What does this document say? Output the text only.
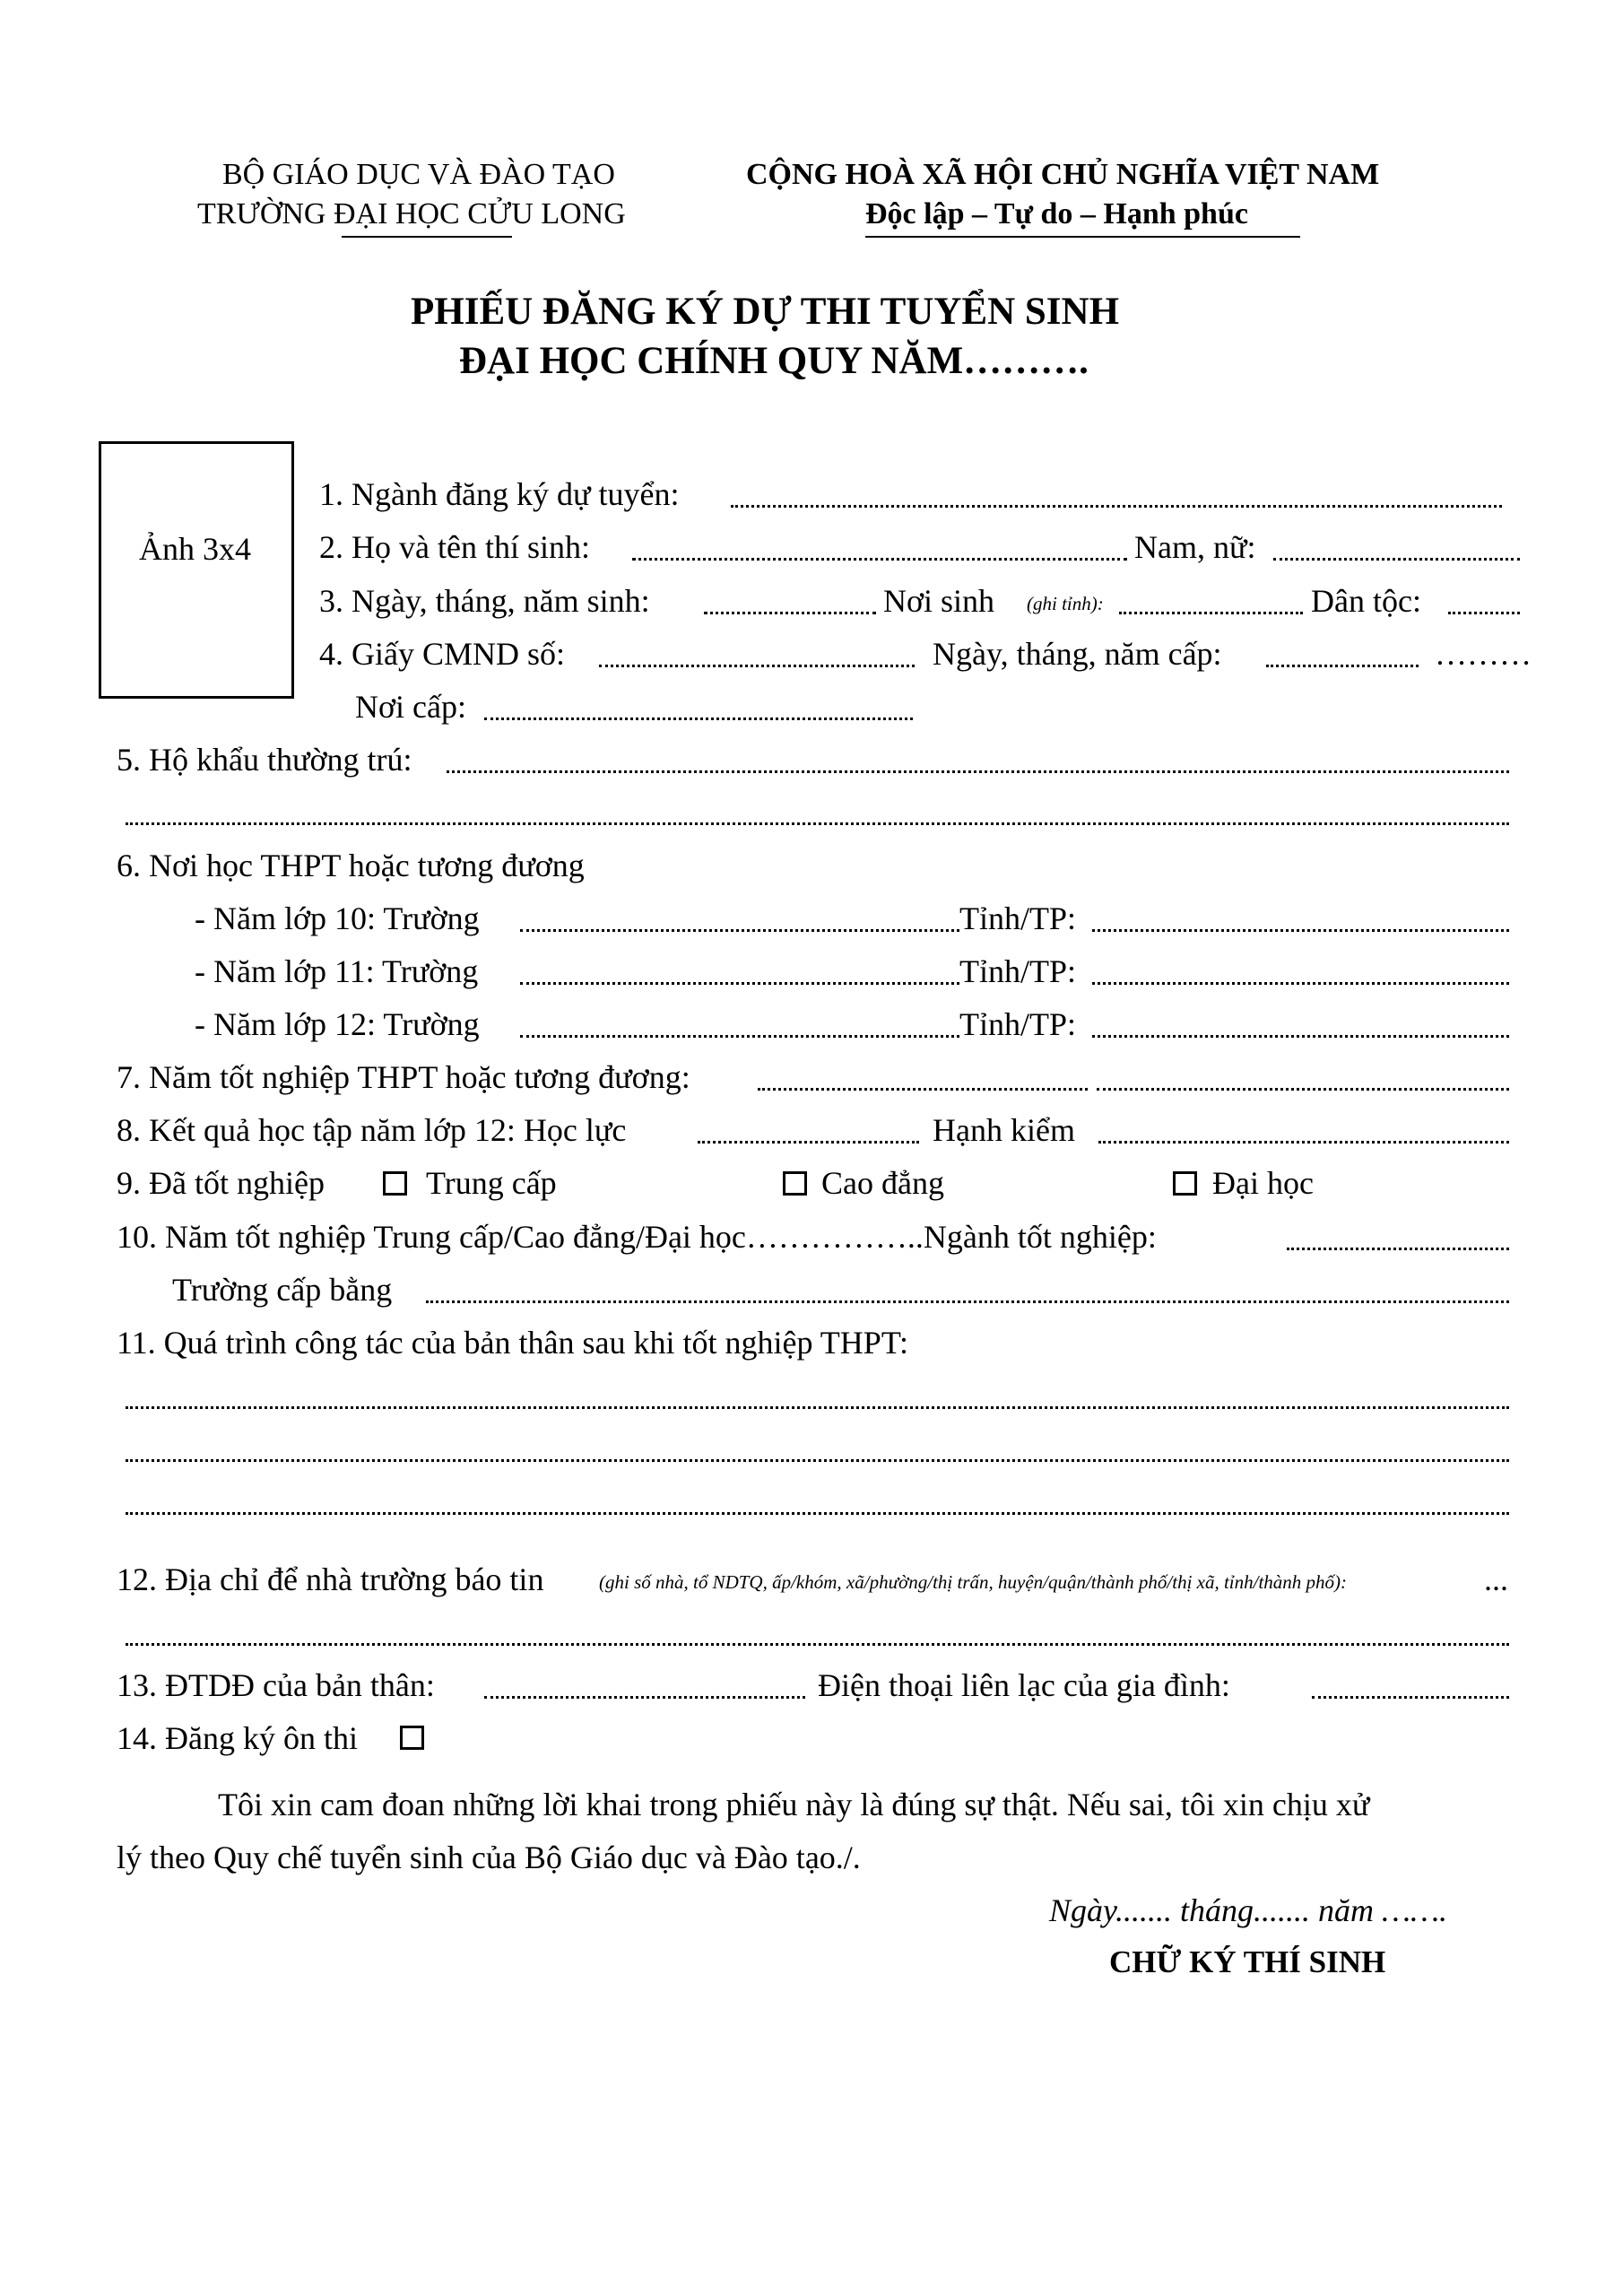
BỘ GIÁO DỤC VÀ ĐÀO TẠO
TRƯỜNG ĐẠI HỌC CỬU LONG
CỘNG HOÀ XÃ HỘI CHỦ NGHĨA VIỆT NAM
Độc lập – Tự do – Hạnh phúc
PHIẾU ĐĂNG KÝ DỰ THI TUYỂN SINH
ĐẠI HỌC CHÍNH QUY NĂM……….
Ảnh 3x4
1. Ngành đăng ký dự tuyển:
2. Họ và tên thí sinh:	Nam, nữ:
3. Ngày, tháng, năm sinh:	Nơi sinh (ghi tỉnh):	Dân tộc:
4. Giấy CMND số:	Ngày, tháng, năm cấp:	………
Nơi cấp:
5. Hộ khẩu thường trú:
6. Nơi học THPT hoặc tương đương
- Năm lớp 10: Trường	Tỉnh/TP:
- Năm lớp 11: Trường	Tỉnh/TP:
- Năm lớp 12: Trường	Tỉnh/TP:
7. Năm tốt nghiệp THPT hoặc tương đương:
8. Kết quả học tập năm lớp 12: Học lực	Hạnh kiểm
9. Đã tốt nghiệp	Trung cấp	Cao đẳng	Đại học
10. Năm tốt nghiệp Trung cấp/Cao đẳng/Đại học……………..Ngành tốt nghiệp:
Trường cấp bằng
11. Quá trình công tác của bản thân sau khi tốt nghiệp THPT:
12. Địa chỉ để nhà trường báo tin	(ghi số nhà, tổ NDTQ, ấp/khóm, xã/phường/thị trấn, huyện/quận/thành phố/thị xã, tỉnh/thành phố):	...
13. ĐTDĐ của bản thân:	Điện thoại liên lạc của gia đình:
14. Đăng ký ôn thi
Tôi xin cam đoan những lời khai trong phiếu này là đúng sự thật. Nếu sai, tôi xin chịu xử
lý theo Quy chế tuyển sinh của Bộ Giáo dục và Đào tạo./.
Ngày....... tháng....... năm …….
CHỮ KÝ THÍ SINH
